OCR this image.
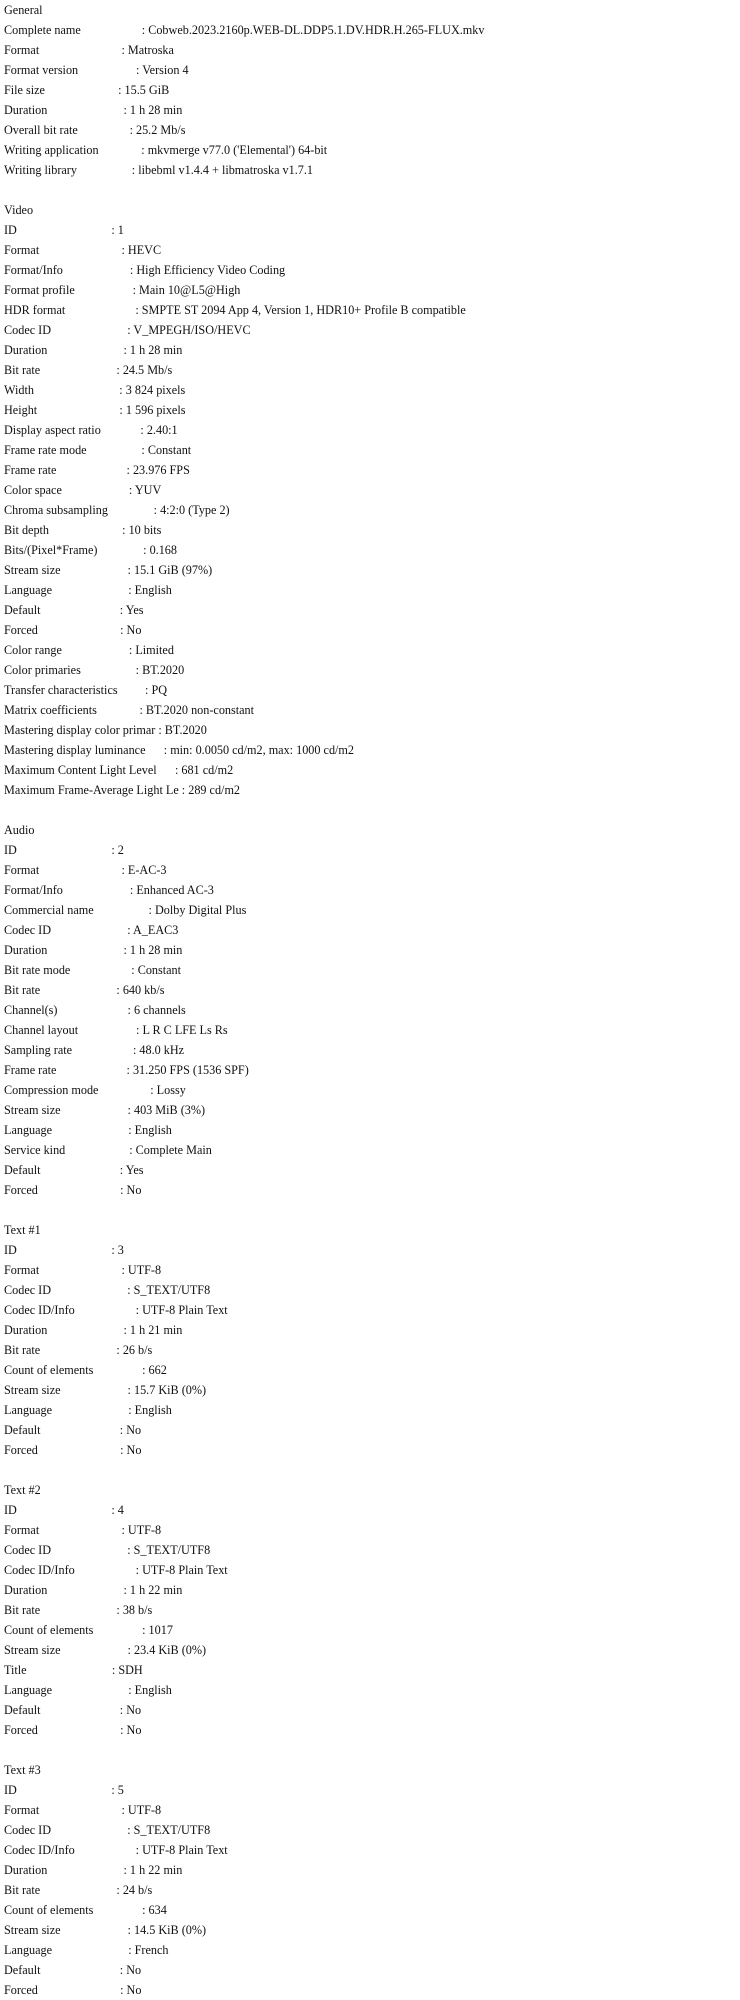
General
Complete name                    : Cobweb.2023.2160p.WEB-DL.DDP5.1.DV.HDR.H.265-FLUX.mkv
Format                           : Matroska
Format version                   : Version 4
File size                        : 15.5 GiB
Duration                         : 1 h 28 min
Overall bit rate                 : 25.2 Mb/s
Writing application              : mkvmerge v77.0 ('Elemental') 64-bit
Writing library                  : libebml v1.4.4 + libmatroska v1.7.1
Video
ID                               : 1
Format                           : HEVC
Format/Info                      : High Efficiency Video Coding
Format profile                   : Main 10@L5@High
HDR format                       : SMPTE ST 2094 App 4, Version 1, HDR10+ Profile B compatible
Codec ID                         : V_MPEGH/ISO/HEVC
Duration                         : 1 h 28 min
Bit rate                         : 24.5 Mb/s
Width                            : 3 824 pixels
Height                           : 1 596 pixels
Display aspect ratio             : 2.40:1
Frame rate mode                  : Constant
Frame rate                       : 23.976 FPS
Color space                      : YUV
Chroma subsampling               : 4:2:0 (Type 2)
Bit depth                        : 10 bits
Bits/(Pixel*Frame)               : 0.168
Stream size                      : 15.1 GiB (97%)
Language                         : English
Default                          : Yes
Forced                           : No
Color range                      : Limited
Color primaries                  : BT.2020
Transfer characteristics         : PQ
Matrix coefficients              : BT.2020 non-constant
Mastering display color primar : BT.2020
Mastering display luminance      : min: 0.0050 cd/m2, max: 1000 cd/m2
Maximum Content Light Level      : 681 cd/m2
Maximum Frame-Average Light Le : 289 cd/m2
Audio
ID                               : 2
Format                           : E-AC-3
Format/Info                      : Enhanced AC-3
Commercial name                  : Dolby Digital Plus
Codec ID                         : A_EAC3
Duration                         : 1 h 28 min
Bit rate mode                    : Constant
Bit rate                         : 640 kb/s
Channel(s)                       : 6 channels
Channel layout                   : L R C LFE Ls Rs
Sampling rate                    : 48.0 kHz
Frame rate                       : 31.250 FPS (1536 SPF)
Compression mode                 : Lossy
Stream size                      : 403 MiB (3%)
Language                         : English
Service kind                     : Complete Main
Default                          : Yes
Forced                           : No
Text #1
ID                               : 3
Format                           : UTF-8
Codec ID                         : S_TEXT/UTF8
Codec ID/Info                    : UTF-8 Plain Text
Duration                         : 1 h 21 min
Bit rate                         : 26 b/s
Count of elements                : 662
Stream size                      : 15.7 KiB (0%)
Language                         : English
Default                          : No
Forced                           : No
Text #2
ID                               : 4
Format                           : UTF-8
Codec ID                         : S_TEXT/UTF8
Codec ID/Info                    : UTF-8 Plain Text
Duration                         : 1 h 22 min
Bit rate                         : 38 b/s
Count of elements                : 1017
Stream size                      : 23.4 KiB (0%)
Title                            : SDH
Language                         : English
Default                          : No
Forced                           : No
Text #3
ID                               : 5
Format                           : UTF-8
Codec ID                         : S_TEXT/UTF8
Codec ID/Info                    : UTF-8 Plain Text
Duration                         : 1 h 22 min
Bit rate                         : 24 b/s
Count of elements                : 634
Stream size                      : 14.5 KiB (0%)
Language                         : French
Default                          : No
Forced                           : No
